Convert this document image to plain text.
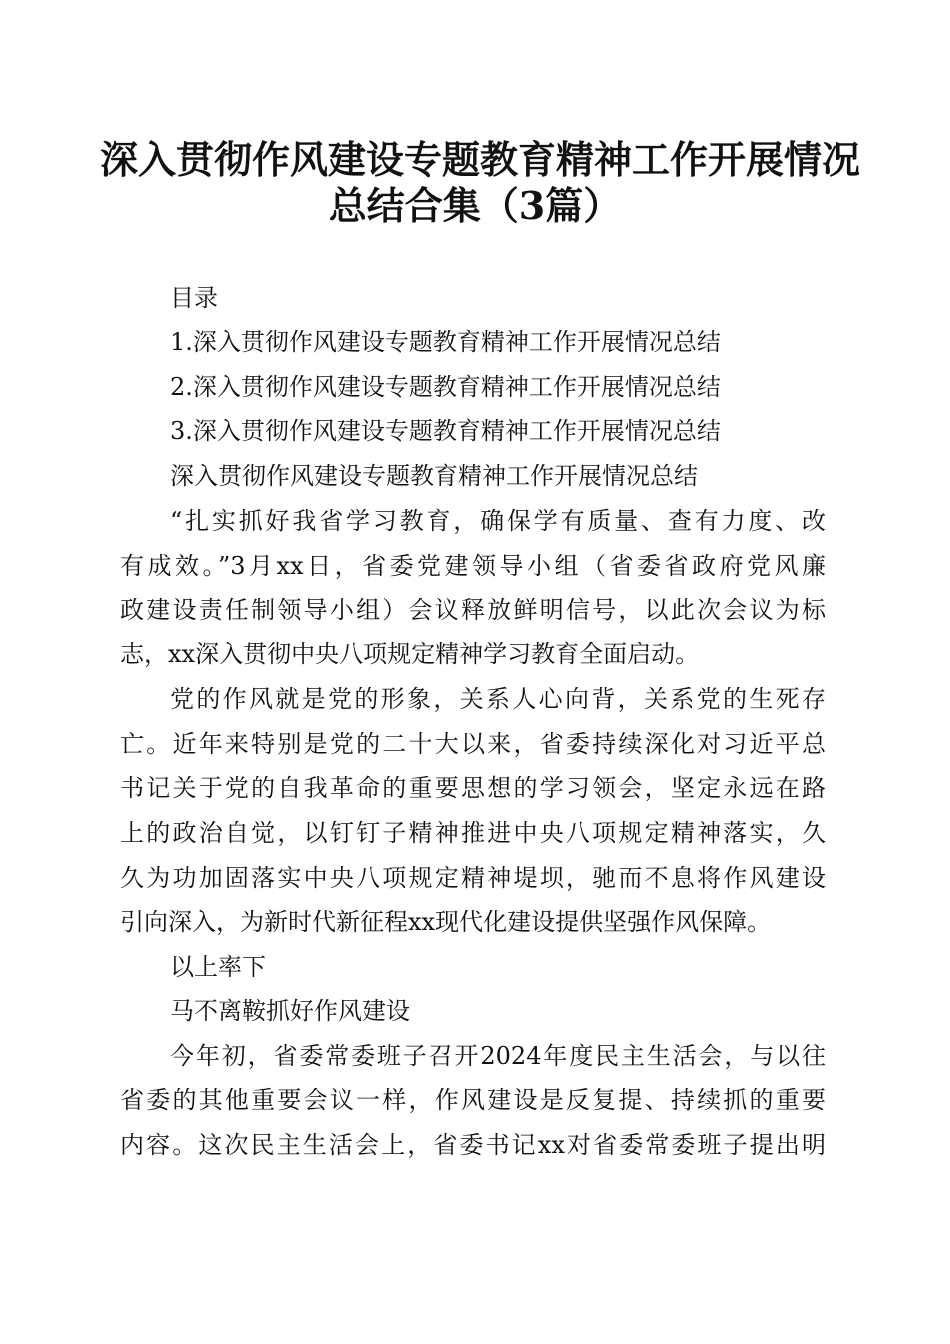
深入贯彻作风建设专题教育精神工作开展情况
总结合集（3篇）

目录

1.深入贯彻作风建设专题教育精神工作开展情况总结

2.深入贯彻作风建设专题教育精神工作开展情况总结

3.深入贯彻作风建设专题教育精神工作开展情况总结

深入贯彻作风建设专题教育精神工作开展情况总结

“扎实抓好我省学习教育，确保学有质量、查有力度、改

有成效。”3月xx日，省委党建领导小组（省委省政府党风廉

政建设责任制领导小组）会议释放鲜明信号，以此次会议为标

志，xx深入贯彻中央八项规定精神学习教育全面启动。

党的作风就是党的形象，关系人心向背，关系党的生死存

亡。近年来特别是党的二十大以来，省委持续深化对习近平总

书记关于党的自我革命的重要思想的学习领会，坚定永远在路

上的政治自觉，以钉钉子精神推进中央八项规定精神落实，久

久为功加固落实中央八项规定精神堤坝，驰而不息将作风建设

引向深入，为新时代新征程xx现代化建设提供坚强作风保障。

以上率下

马不离鞍抓好作风建设

今年初，省委常委班子召开2024年度民主生活会，与以往

省委的其他重要会议一样，作风建设是反复提、持续抓的重要

内容。这次民主生活会上，省委书记xx对省委常委班子提出明
